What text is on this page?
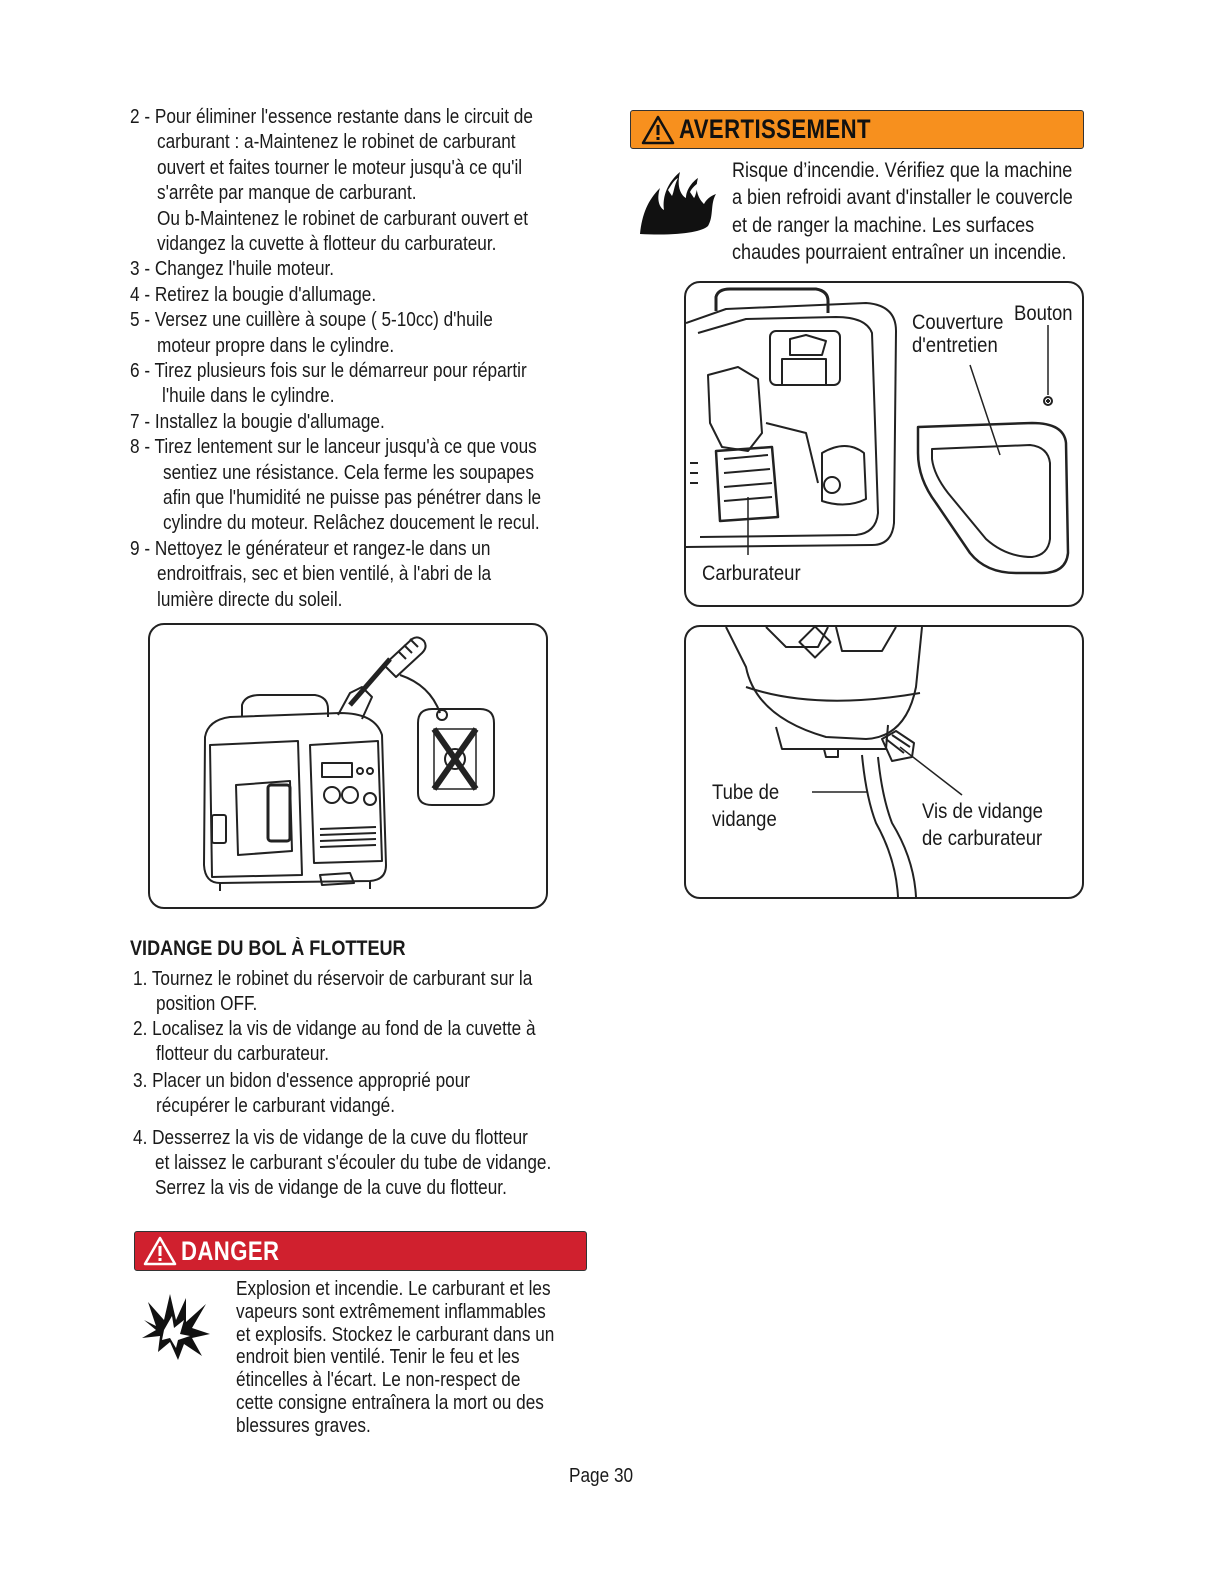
2 - Pour éliminer l'essence restante dans le circuit de
carburant : a-Maintenez le robinet de carburant
ouvert et faites tourner le moteur jusqu'à ce qu'il
s'arrête par manque de carburant.
Ou b-Maintenez le robinet de carburant ouvert et
vidangez la cuvette à flotteur du carburateur.
3 - Changez l'huile moteur.
4 - Retirez la bougie d'allumage.
5 - Versez une cuillère à soupe ( 5-10cc) d'huile
moteur propre dans le cylindre.
6 - Tirez plusieurs fois sur le démarreur pour répartir
l'huile dans le cylindre.
7 - Installez la bougie d'allumage.
8 - Tirez lentement sur le lanceur jusqu'à ce que vous
sentiez une résistance. Cela ferme les soupapes
afin que l'humidité ne puisse pas pénétrer dans le
cylindre du moteur. Relâchez doucement le recul.
9 - Nettoyez le générateur et rangez-le dans un
endroitfrais, sec et bien ventilé, à l'abri de la
lumière directe du soleil.
VIDANGE DU BOL À FLOTTEUR
1. Tournez le robinet du réservoir de carburant sur la
position OFF.
2. Localisez la vis de vidange au fond de la cuvette à
flotteur du carburateur.
3. Placer un bidon d'essence approprié pour
récupérer le carburant vidangé.
4. Desserrez la vis de vidange de la cuve du flotteur
et laissez le carburant s'écouler du tube de vidange.
Serrez la vis de vidange de la cuve du flotteur.
DANGER
Explosion et incendie. Le carburant et les
vapeurs sont extrêmement inflammables
et explosifs. Stockez le carburant dans un
endroit bien ventilé. Tenir le feu et les
étincelles à l'écart. Le non-respect de
cette consigne entraînera la mort ou des
blessures graves.
AVERTISSEMENT
Risque d’incendie. Vérifiez que la machine
a bien refroidi avant d'installer le couvercle
et de ranger la machine. Les surfaces
chaudes pourraient entraîner un incendie.
Couverture
d'entretien
Bouton
Carburateur
Tube de
vidange	Vis de vidange
de carburateur
Page 30
